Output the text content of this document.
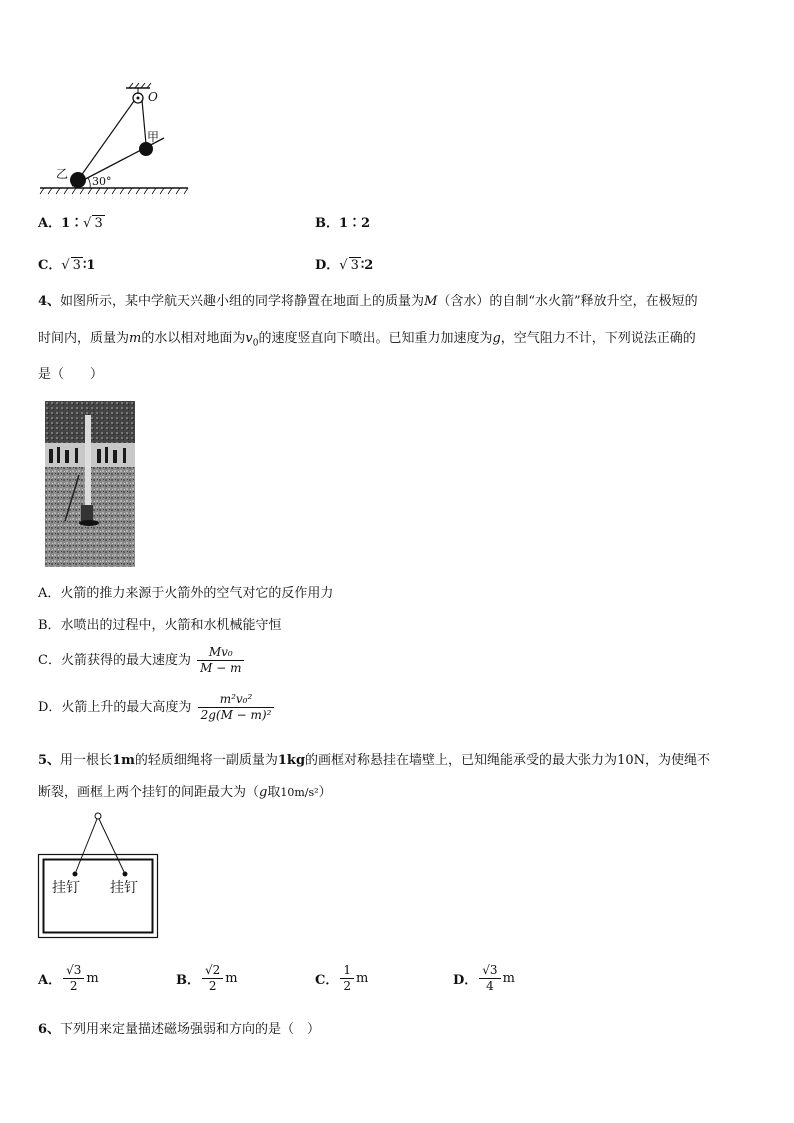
O
甲
乙
30°
A．1∶√ 3	B．1∶2
C．√ 3 ∶1	D．√ 3 ∶2
4、如图所示，某中学航天兴趣小组的同学将静置在地面上的质量为M（含水）的自制“水火箭”释放升空，在极短的
时间内，质量为m的水以相对地面为$v_0$的速度竖直向下喷出。已知重力加速度为g，空气阻力不计，下列说法正确的
是（　　）
A．火箭的推力来源于火箭外的空气对它的反作用力
B．水喷出的过程中，火箭和水机械能守恒
C．火箭获得的最大速度为 $\frac{\text{Mv₀}}{M - m}$
D．火箭上升的最大高度为 $\frac{\text{m²v₀²}}{\text{2g(M − m)²}}$
5、用一根长1m的轻质细绳将一副质量为1kg的画框对称悬挂在墙壁上，已知绳能承受的最大张力为10N，为使绳不
断裂，画框上两个挂钉的间距最大为（g取10m/s²）
挂钉 挂钉
A． $\frac{√3}{2}$ m	B． $\frac{√2}{2}$ m	C． $\frac{1}{2}$ m	D． $\frac{√3}{4}$ m
6、下列用来定量描述磁场强弱和方向的是（　）
